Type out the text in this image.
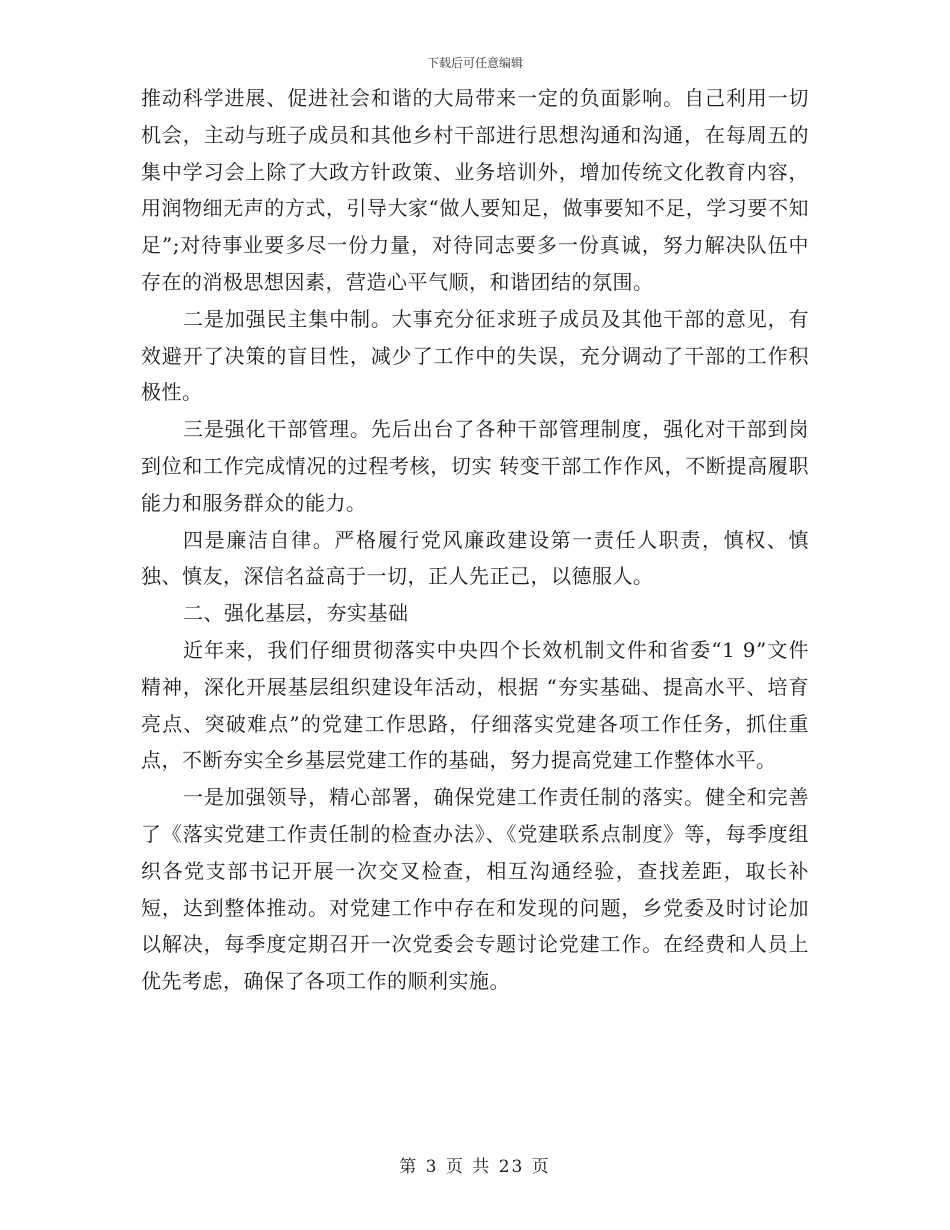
下载后可任意编辑

推动科学进展、促进社会和谐的大局带来一定的负面影响。自己利用一切机会，主动与班子成员和其他乡村干部进行思想沟通和沟通，在每周五的集中学习会上除了大政方针政策、业务培训外，增加传统文化教育内容，用润物细无声的方式，引导大家“做人要知足，做事要知不足，学习要不知足”;对待事业要多尽一份力量，对待同志要多一份真诚，努力解决队伍中存在的消极思想因素，营造心平气顺，和谐团结的氛围。

二是加强民主集中制。大事充分征求班子成员及其他干部的意见，有效避开了决策的盲目性，减少了工作中的失误，充分调动了干部的工作积极性。

三是强化干部管理。先后出台了各种干部管理制度，强化对干部到岗到位和工作完成情况的过程考核，切实 转变干部工作作风，不断提高履职能力和服务群众的能力。

四是廉洁自律。严格履行党风廉政建设第一责任人职责，慎权、慎独、慎友，深信名益高于一切，正人先正己，以德服人。

二、强化基层，夯实基础

近年来，我们仔细贯彻落实中央四个长效机制文件和省委“1 9”文件精神，深化开展基层组织建设年活动，根据 “夯实基础、提高水平、培育亮点、突破难点”的党建工作思路，仔细落实党建各项工作任务，抓住重点，不断夯实全乡基层党建工作的基础，努力提高党建工作整体水平。

一是加强领导，精心部署，确保党建工作责任制的落实。健全和完善了《落实党建工作责任制的检查办法》、《党建联系点制度》等，每季度组织各党支部书记开展一次交叉检查，相互沟通经验，查找差距，取长补短，达到整体推动。对党建工作中存在和发现的问题，乡党委及时讨论加以解决，每季度定期召开一次党委会专题讨论党建工作。在经费和人员上优先考虑，确保了各项工作的顺利实施。

第 3 页 共 23 页
